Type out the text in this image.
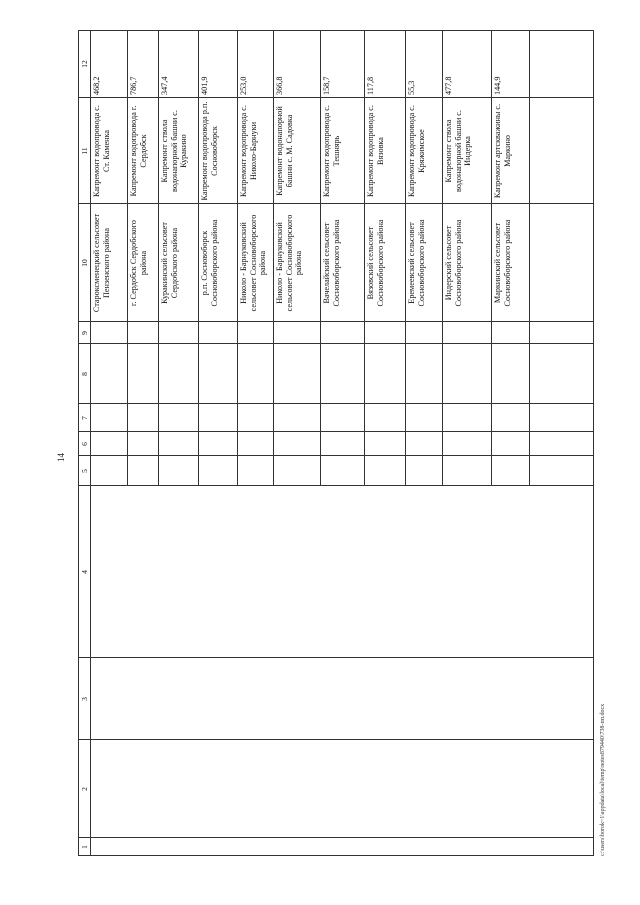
14
c:\users\borok~1\appdata\local\temp\notes879440\738-пп.docx
1
2
3
4
5
6
7
8
9
10
11
12
Староксменецкий сельсовет Пензенского района
Капремонт водопровода с. Ст. Каменка
468,2
г. Сердобск Сердобского района
Капремонт водопровода г. Сердобск
786,7
Куракинский сельсовет Сердобского района
Капремонт ствола водонапорной башни с. Куракино
347,4
р.п. Сосновоборск Сосновоборского района
Капремонт водопровода р.п. Сосновоборск
401,9
Николо - Барнуковский сельсовет Сосновоборского района
Капремонт водопровода с. Николо-Барнуки
253,0
Николо - Барнуковский сельсовет Сосновоборского района
Капремонт водонапорной башни с. М. Садовка
366,8
Вачелайский сельсовет Сосновоборского района
Капремонт водопровода с. Тешнярь
158,7
Вязовский сельсовет Сосновоборского района
Капремонт водопровода с. Вязовка
117,8
Еремеевский сельсовет Сосновоборского района
Капремонт водопровода с. Кряжимское
55,3
Индерский сельсовет Сосновоборского района
Капремонт ствола водонапорной башни с. Индерка
477,8
Маркинский сельсовет Сосновоборского района
Капремонт артскважины с. Маркино
144,9
